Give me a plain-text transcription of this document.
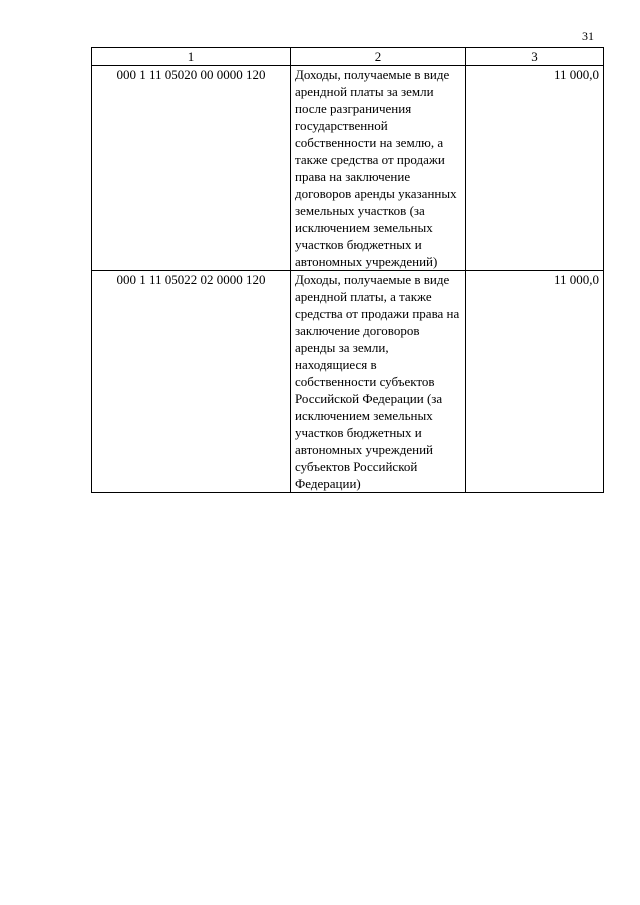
31
1	2	3
000 1 11 05020 00 0000 120	Доходы, получаемые в виде арендной платы за земли после разграничения государственной собственности на землю, а также средства от продажи права на заключение договоров аренды указанных земельных участков (за исключением земельных участков бюджетных и автономных учреждений)	11 000,0
000 1 11 05022 02 0000 120	Доходы, получаемые в виде арендной платы, а также средства от продажи права на заключение договоров аренды за земли, находящиеся в собственности субъектов Российской Федерации (за исключением земельных участков бюджетных и автономных учреждений субъектов Российской Федерации)	11 000,0
